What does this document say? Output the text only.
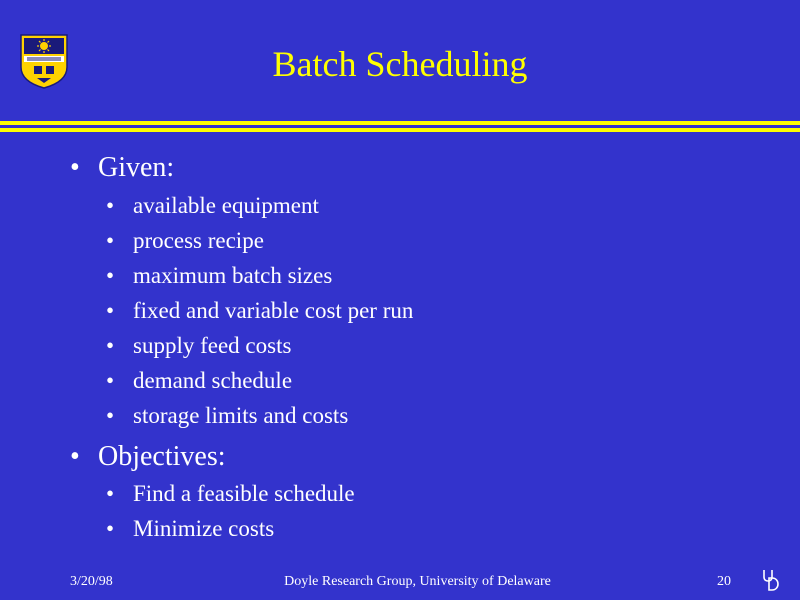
Batch Scheduling
• Given:
• available equipment
• process recipe
• maximum batch sizes
• fixed and variable cost per run
• supply feed costs
• demand schedule
• storage limits and costs
• Objectives:
• Find a feasible schedule
• Minimize costs
3/20/98	Doyle Research Group, University of Delaware	20
